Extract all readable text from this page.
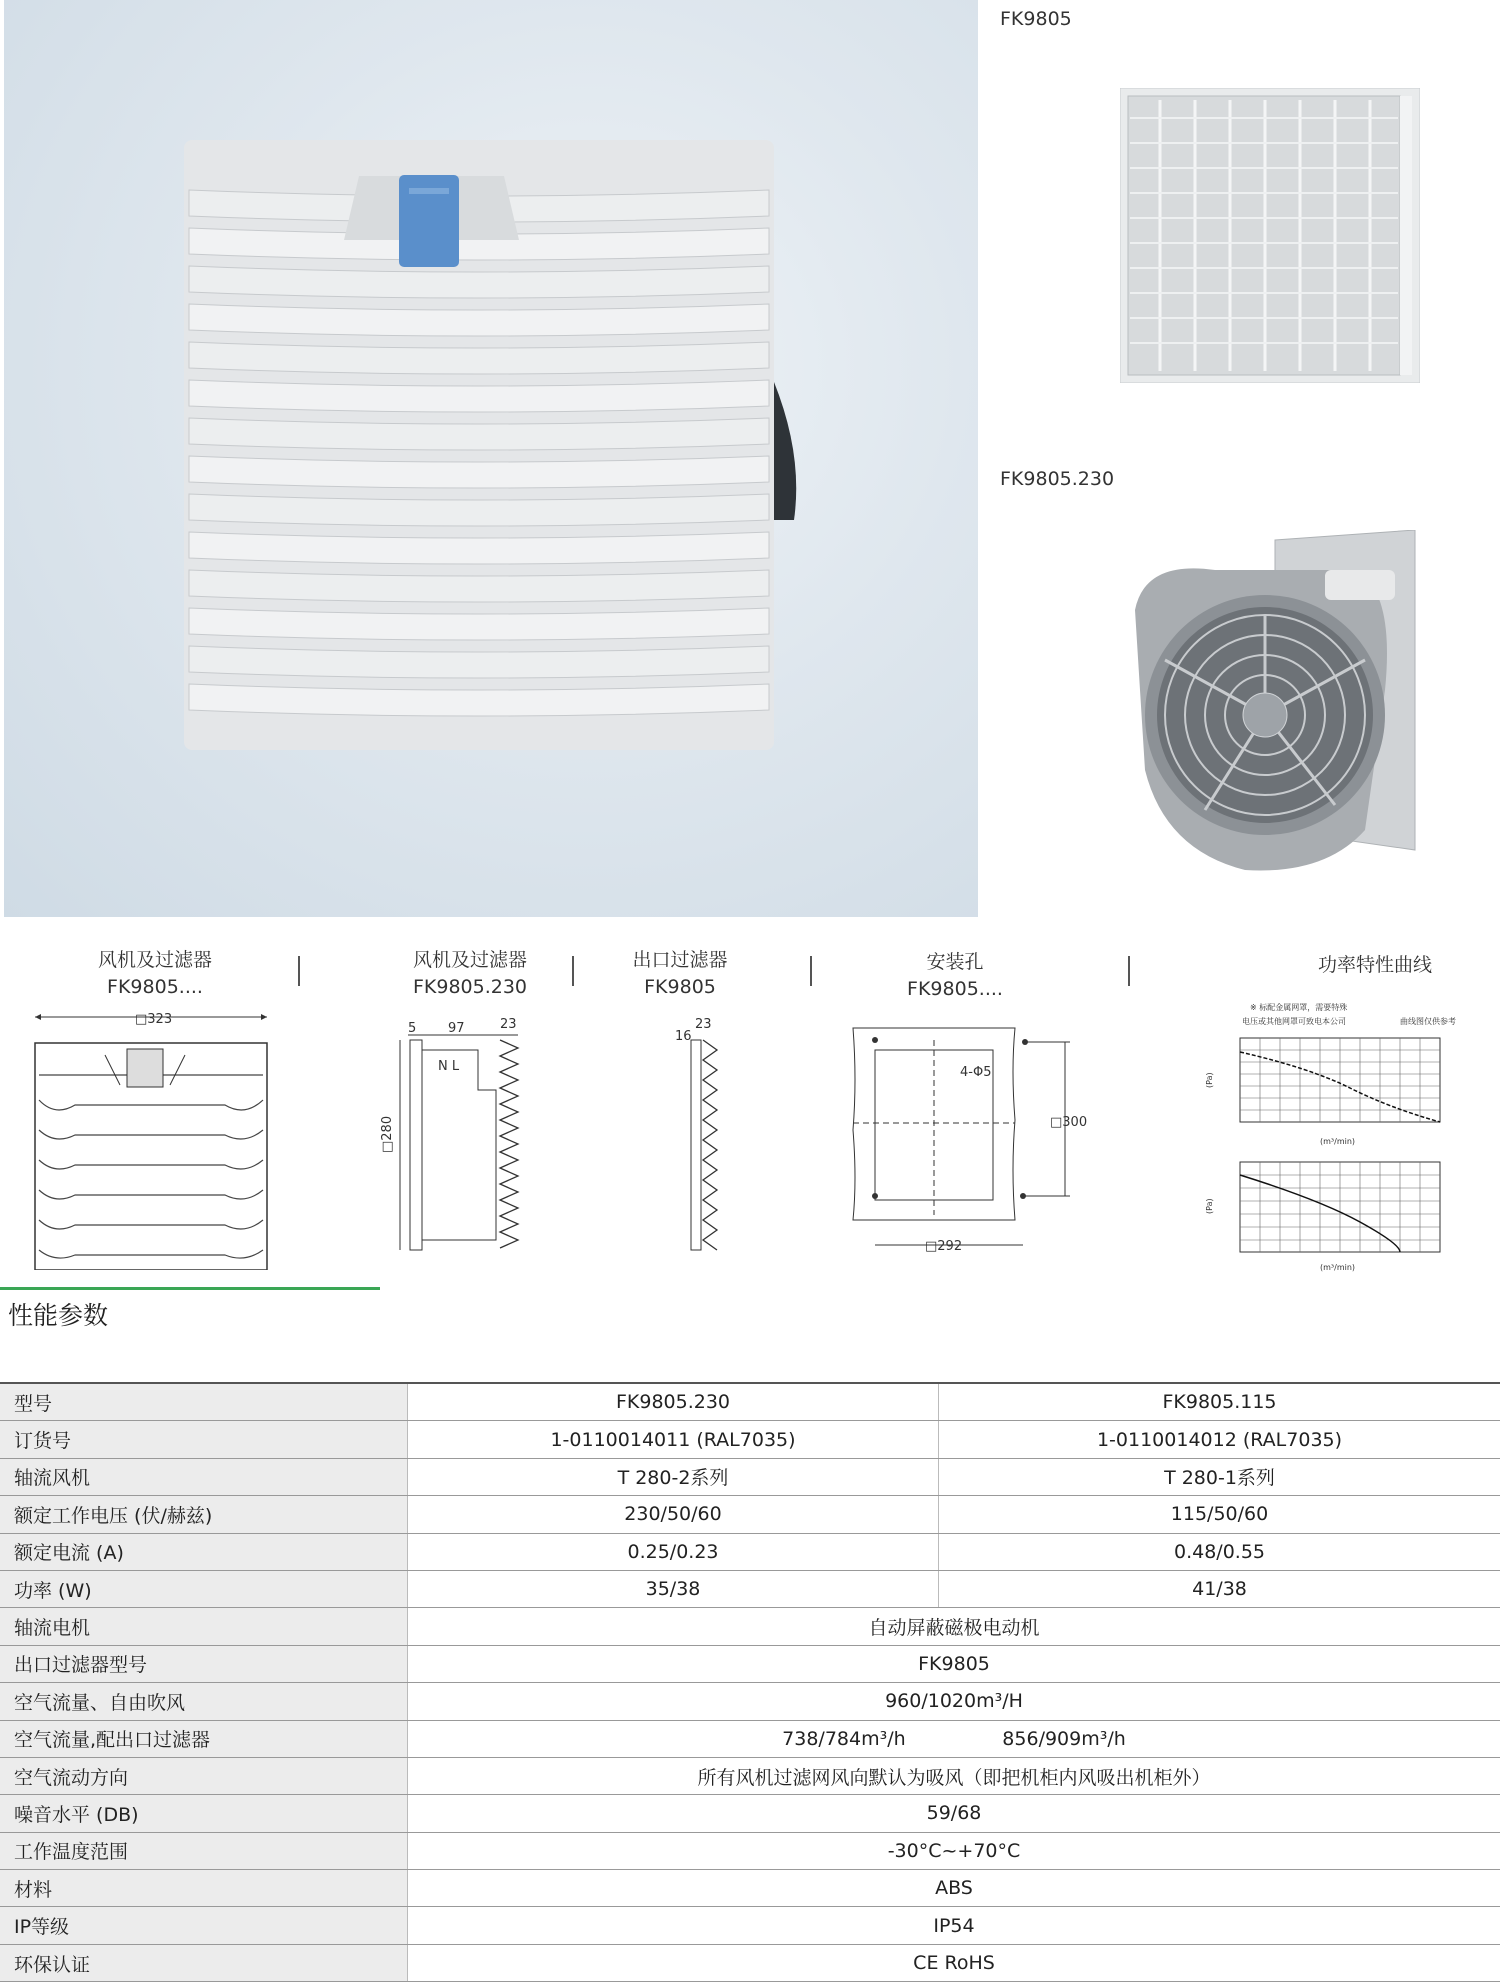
FK9805
FK9805.230
风机及过滤器
FK9805....
风机及过滤器
FK9805.230
出口过滤器
FK9805
安装孔
FK9805....
功率特性曲线
□323
5 97	23
□280
N L
16
23
4-Φ5
□300
□292
※ 标配金属网罩，需要特殊
电压或其他网罩可致电本公司	曲线图仅供参考
(Pa)
(m³/min)
(Pa)
(m³/min)
性能参数
型号	FK9805.230	FK9805.115
订货号	1-0110014011 (RAL7035)	1-0110014012 (RAL7035)
轴流风机	T 280-2系列	T 280-1系列
额定工作电压 (伏/赫兹)	230/50/60	115/50/60
额定电流 (A)	0.25/0.23	0.48/0.55
功率 (W)	35/38	41/38
轴流电机	自动屏蔽磁极电动机	
出口过滤器型号	FK9805	
空气流量、自由吹风	960/1020m³/H	
空气流量,配出口过滤器	738/784m³/h                856/909m³/h	
空气流动方向	所有风机过滤网风向默认为吸风（即把机柜内风吸出机柜外）	
噪音水平 (DB)	59/68	
工作温度范围	-30°C~+70°C	
材料	ABS	
IP等级	IP54	
环保认证	CE RoHS	
